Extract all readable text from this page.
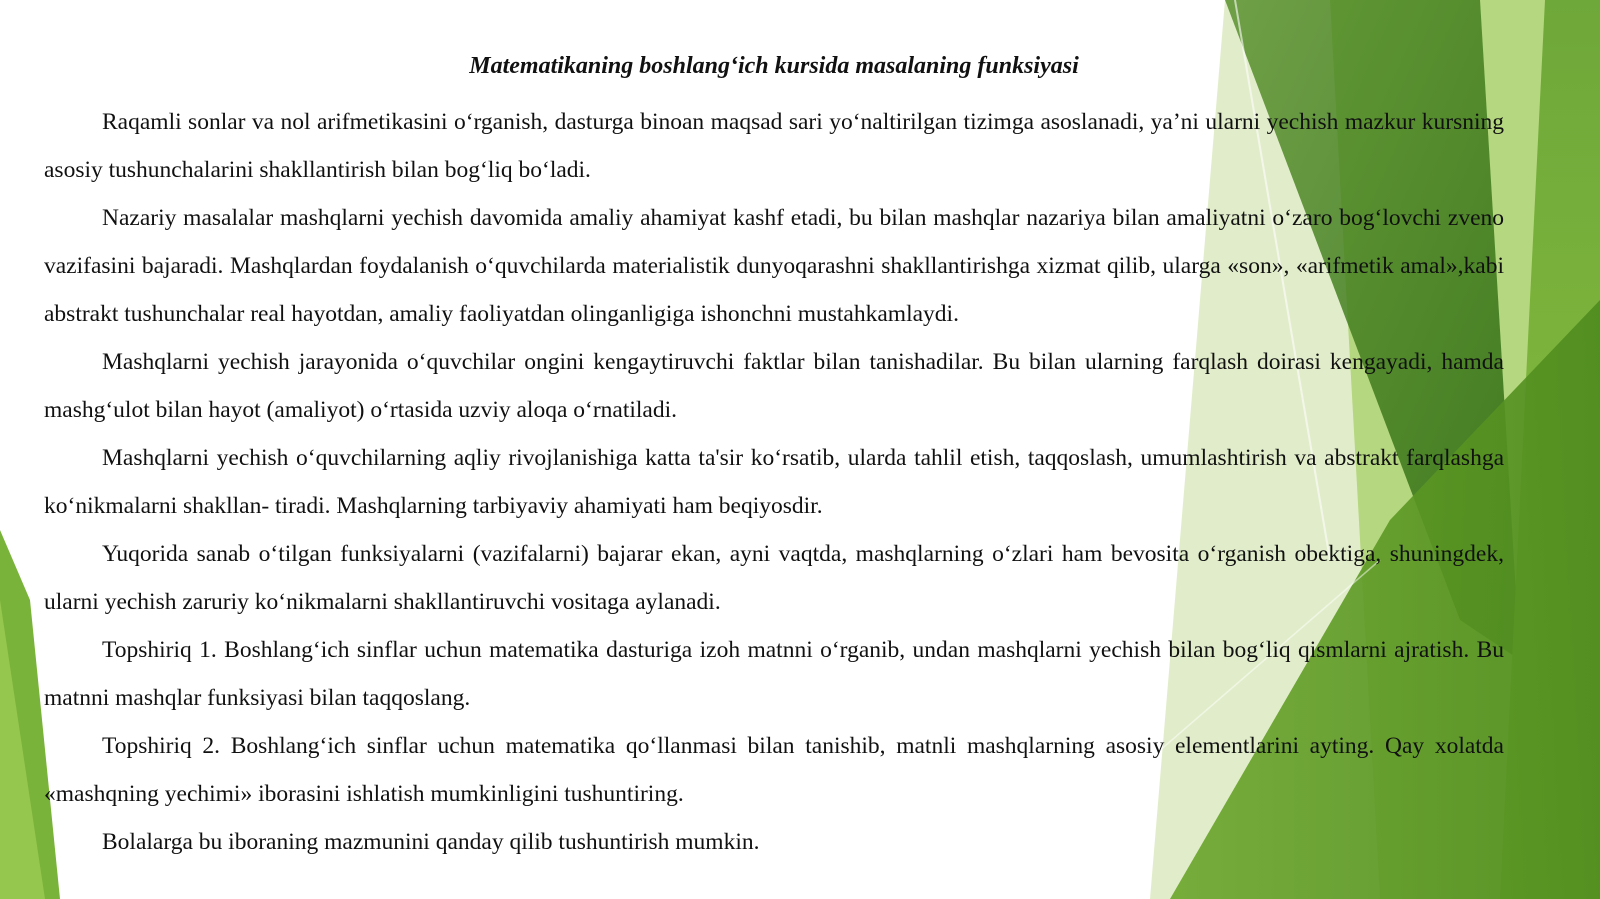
Matematikaning boshlang‘ich kursida masalaning funksiyasi

Raqamli sonlar va nol arifmetikasini o‘rganish, dasturga binoan maqsad sari yo‘naltirilgan tizimga asoslanadi, ya’ni ularni yechish mazkur kursning asosiy tushunchalarini shakllantirish bilan bog‘liq bo‘ladi.

Nazariy masalalar mashqlarni yechish davomida amaliy ahamiyat kashf etadi, bu bilan mashqlar nazariya bilan amaliyatni o‘zaro bog‘lovchi zveno vazifasini bajaradi. Mashqlardan foydalanish o‘quvchilarda materialistik dunyoqarashni shakllantirishga xizmat qilib, ularga «son», «arifmetik amal»,kabi abstrakt tushunchalar real hayotdan, amaliy faoliyatdan olinganligiga ishonchni mustahkamlaydi.

Mashqlarni yechish jarayonida o‘quvchilar ongini kengaytiruvchi faktlar bilan tanishadilar. Bu bilan ularning farqlash doirasi kengayadi, hamda mashg‘ulot bilan hayot (amaliyot) o‘rtasida uzviy aloqa o‘rnatiladi.

Mashqlarni yechish o‘quvchilarning aqliy rivojlanishiga katta ta'sir ko‘rsatib, ularda tahlil etish, taqqoslash, umumlashtirish va abstrakt farqlashga ko‘nikmalarni shakllan- tiradi. Mashqlarning tarbiyaviy ahamiyati ham beqiyosdir.

Yuqorida sanab o‘tilgan funksiyalarni (vazifalarni) bajarar ekan, ayni vaqtda, mashqlarning o‘zlari ham bevosita o‘rganish obektiga, shuningdek, ularni yechish zaruriy ko‘nikmalarni shakllantiruvchi vositaga aylanadi.

Topshiriq 1. Boshlang‘ich sinflar uchun matematika dasturiga izoh matnni o‘rganib, undan mashqlarni yechish bilan bog‘liq qismlarni ajratish. Bu matnni mashqlar funksiyasi bilan taqqoslang.

Topshiriq 2. Boshlang‘ich sinflar uchun matematika qo‘llanmasi bilan tanishib, matnli mashqlarning asosiy elementlarini ayting. Qay xolatda «mashqning yechimi» iborasini ishlatish mumkinligini tushuntiring.

Bolalarga bu iboraning mazmunini qanday qilib tushuntirish mumkin.
